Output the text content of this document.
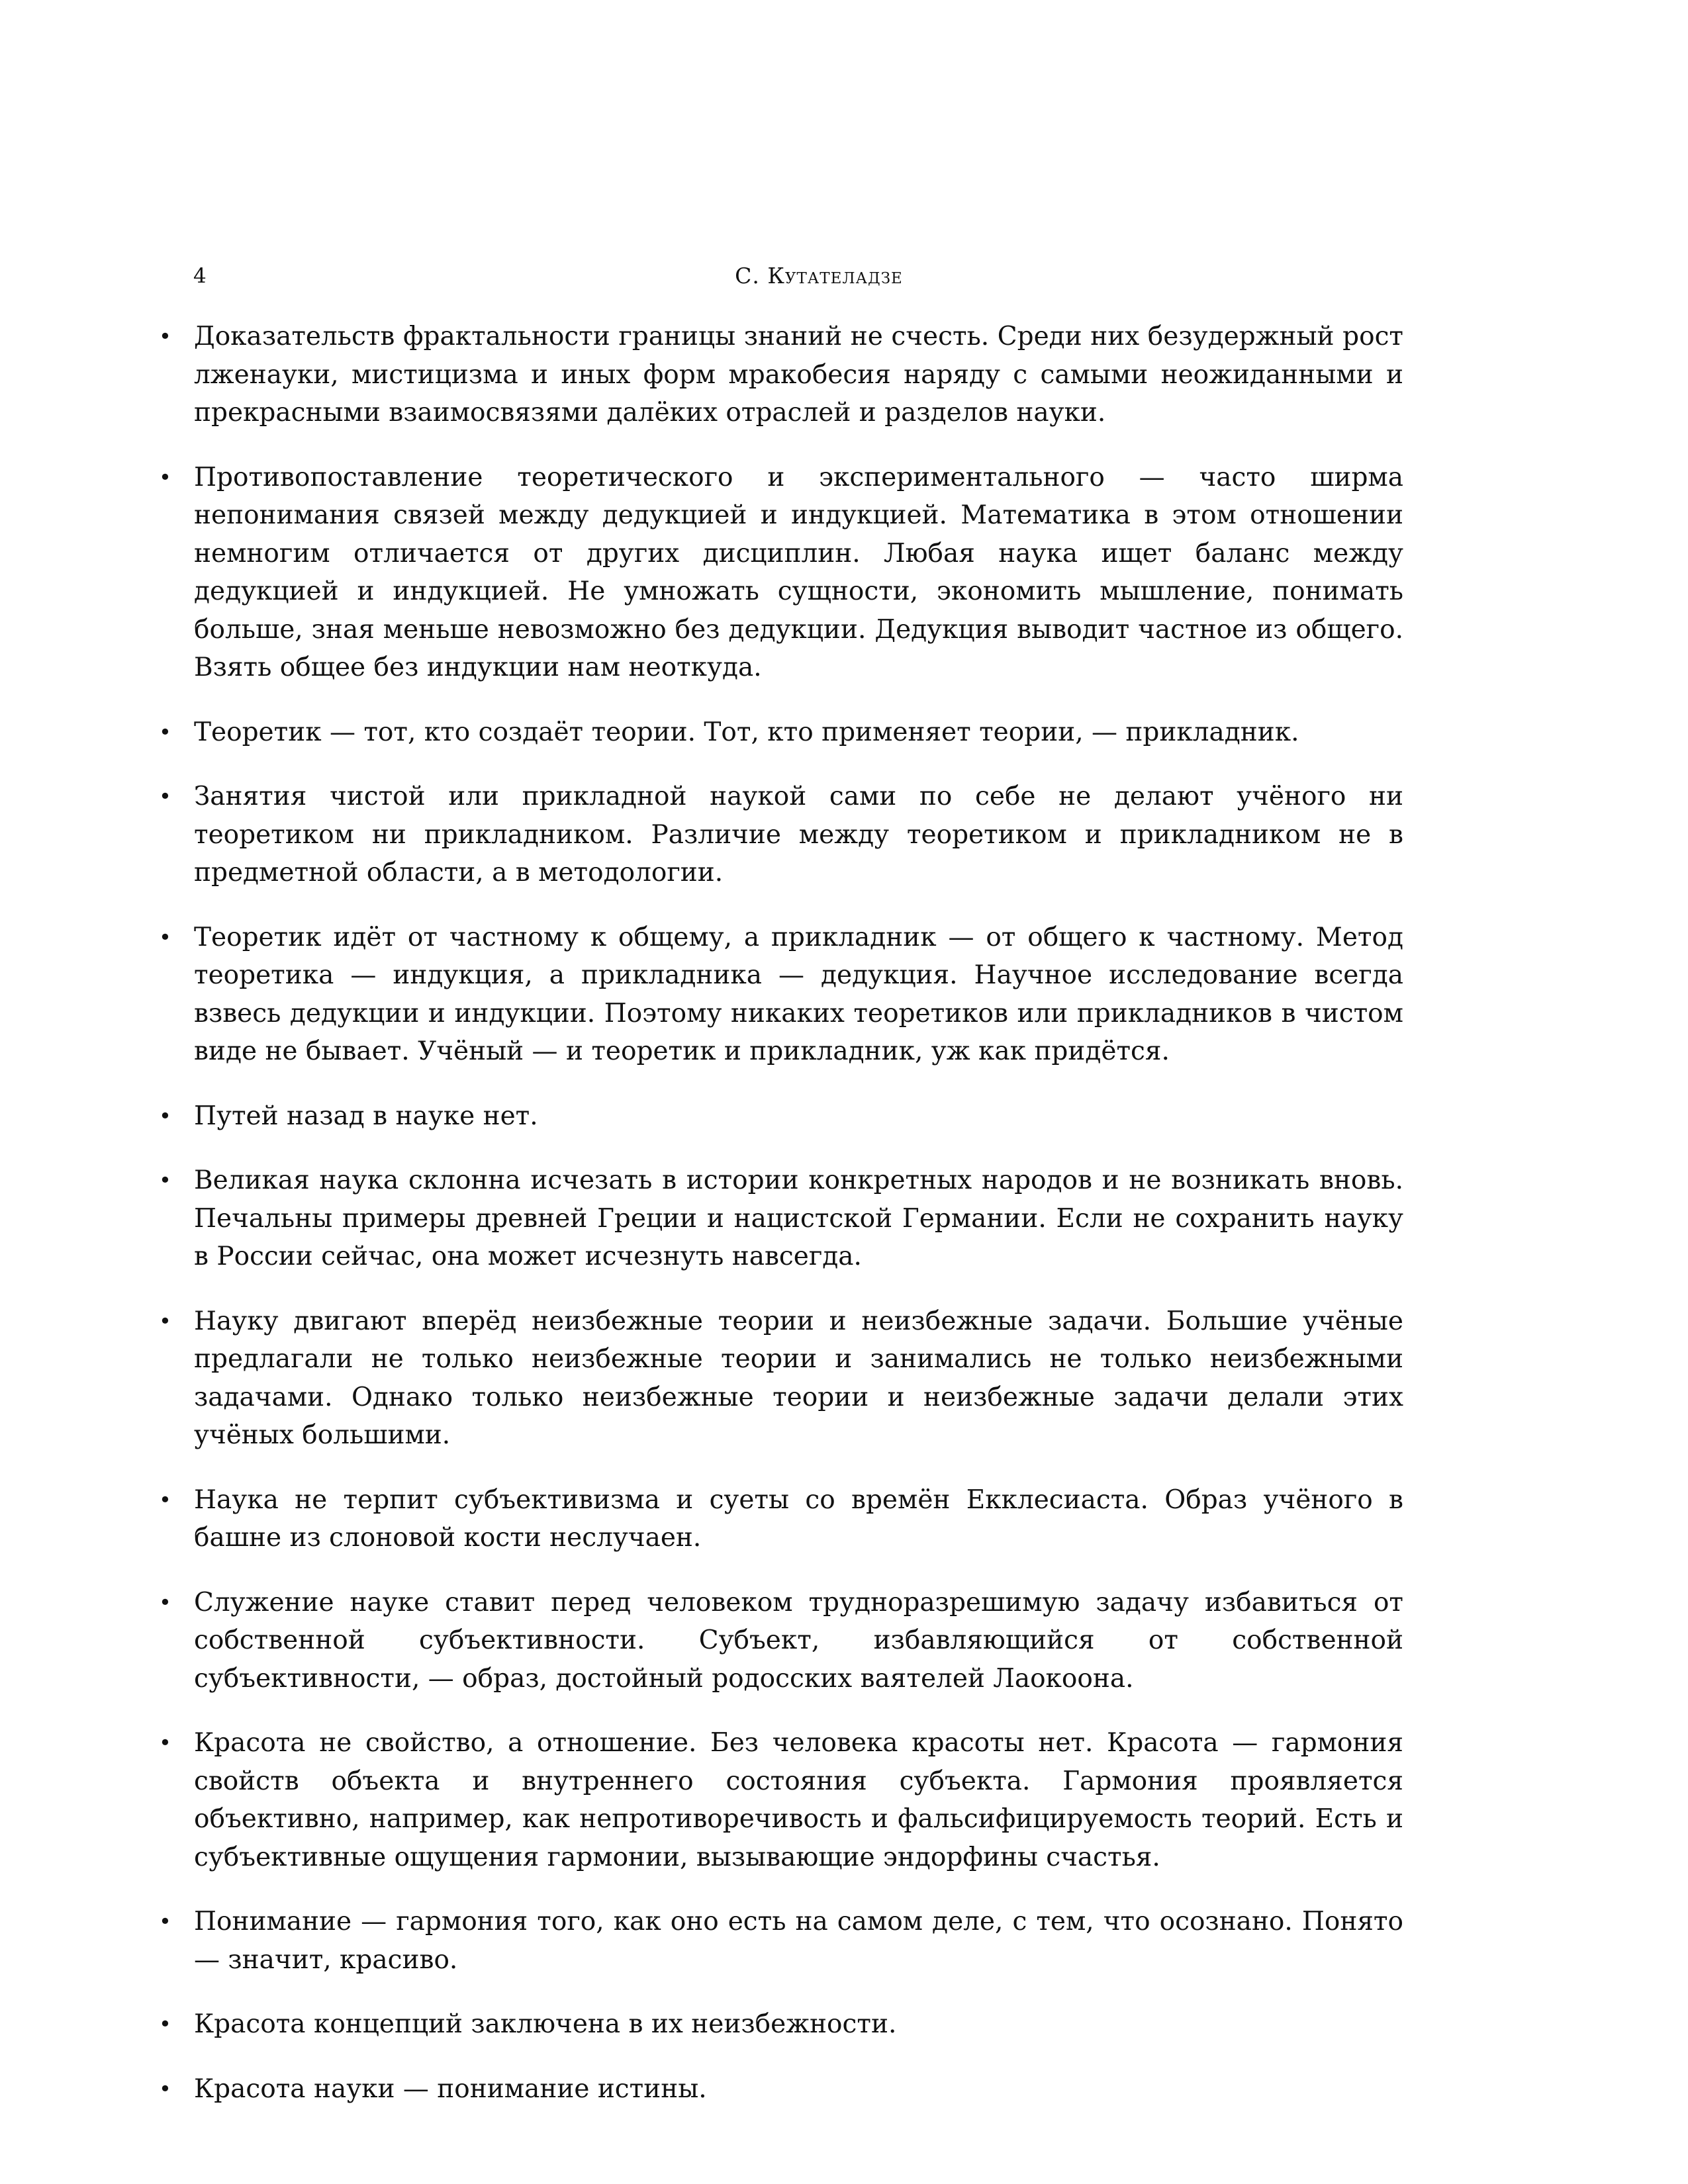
4	С. Кутателадзе
• Доказательств фрактальности границы знаний не счесть. Среди них безудержный рост лженауки, мистицизма и иных форм мракобесия наряду с самыми неожиданными и прекрасными взаимосвязями далёких отраслей и разделов науки.
• Противопоставление теоретического и экспериментального — часто ширма непонимания связей между дедукцией и индукцией. Математика в этом отношении немногим отличается от других дисциплин. Любая наука ищет баланс между дедукцией и индукцией. Не умножать сущности, экономить мышление, понимать больше, зная меньше невозможно без дедукции. Дедукция выводит частное из общего. Взять общее без индукции нам неоткуда.
• Теоретик — тот, кто создаёт теории. Тот, кто применяет теории, — прикладник.
• Занятия чистой или прикладной наукой сами по себе не делают учёного ни теоретиком ни прикладником. Различие между теоретиком и прикладником не в предметной области, а в методологии.
• Теоретик идёт от частному к общему, а прикладник — от общего к частному. Метод теоретика — индукция, а прикладника — дедукция. Научное исследование всегда взвесь дедукции и индукции. Поэтому никаких теоретиков или прикладников в чистом виде не бывает. Учёный — и теоретик и прикладник, уж как придётся.
• Путей назад в науке нет.
• Великая наука склонна исчезать в истории конкретных народов и не возникать вновь. Печальны примеры древней Греции и нацистской Германии. Если не сохранить науку в России сейчас, она может исчезнуть навсегда.
• Науку двигают вперёд неизбежные теории и неизбежные задачи. Большие учёные предлагали не только неизбежные теории и занимались не только неизбежными задачами. Однако только неизбежные теории и неизбежные задачи делали этих учёных большими.
• Наука не терпит субъективизма и суеты со времён Екклесиаста. Образ учёного в башне из слоновой кости неслучаен.
• Служение науке ставит перед человеком трудноразрешимую задачу избавиться от собственной субъективности. Субъект, избавляющийся от собственной субъективности, — образ, достойный родосских ваятелей Лаокоона.
• Красота не свойство, а отношение. Без человека красоты нет. Красота — гармония свойств объекта и внутреннего состояния субъекта. Гармония проявляется объективно, например, как непротиворечивость и фальсифицируемость теорий. Есть и субъективные ощущения гармонии, вызывающие эндорфины счастья.
• Понимание — гармония того, как оно есть на самом деле, с тем, что осознано. Понято — значит, красиво.
• Красота концепций заключена в их неизбежности.
• Красота науки — понимание истины.
